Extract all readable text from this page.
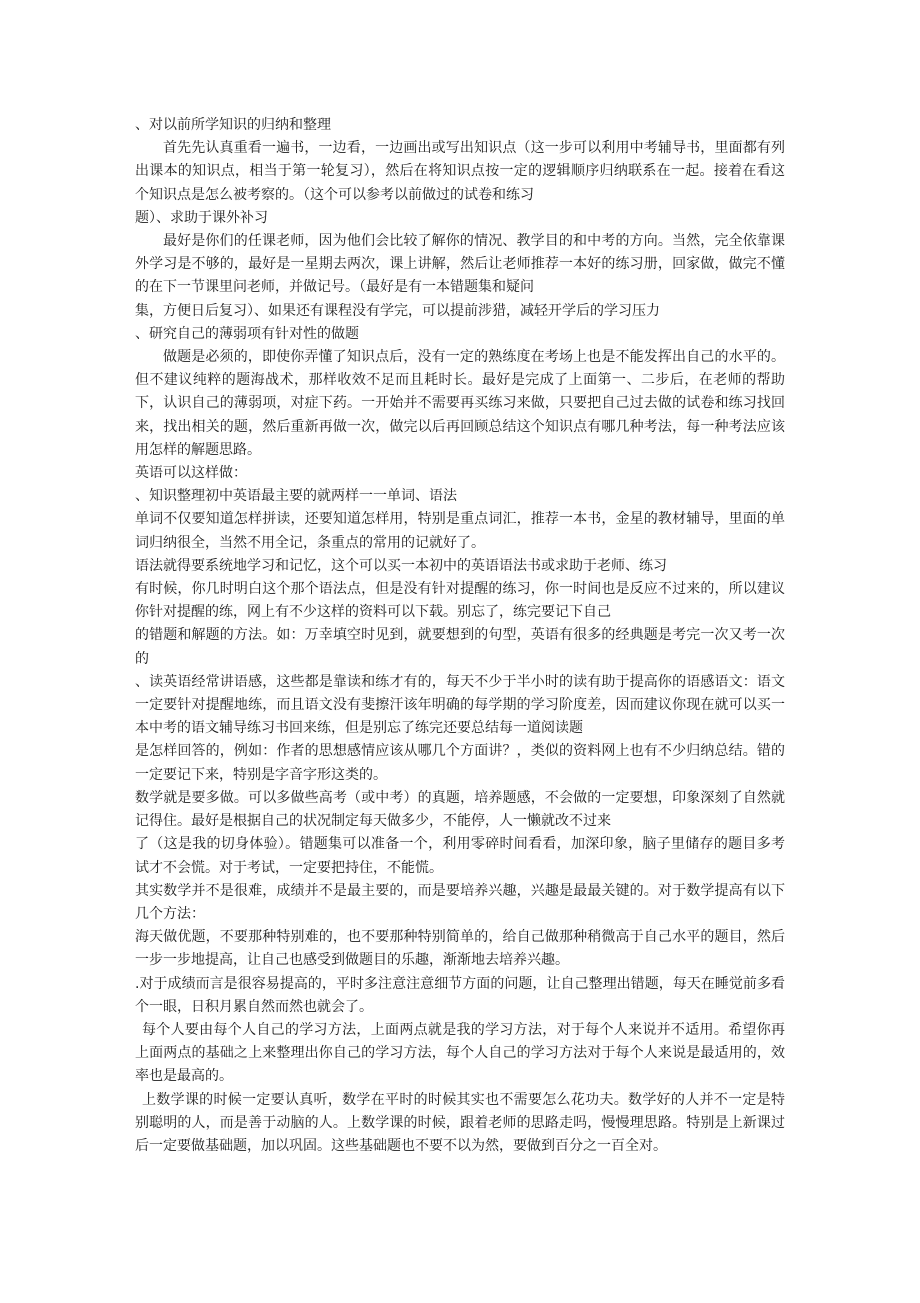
、对以前所学知识的归纳和整理

首先先认真重看一遍书，一边看，一边画出或写出知识点（这一步可以利用中考辅导书，里面都有列出课本的知识点，相当于第一轮复习），然后在将知识点按一定的逻辑顺序归纳联系在一起。接着在看这个知识点是怎么被考察的。（这个可以参考以前做过的试卷和练习

题）、求助于课外补习

最好是你们的任课老师，因为他们会比较了解你的情况、教学目的和中考的方向。当然，完全依靠课外学习是不够的，最好是一星期去两次，课上讲解，然后让老师推荐一本好的练习册，回家做，做完不懂的在下一节课里问老师，并做记号。（最好是有一本错题集和疑问

集，方便日后复习）、如果还有课程没有学完，可以提前涉猎，减轻开学后的学习压力

、研究自己的薄弱项有针对性的做题

做题是必须的，即使你弄懂了知识点后，没有一定的熟练度在考场上也是不能发挥出自己的水平的。但不建议纯粹的题海战术，那样收效不足而且耗时长。最好是完成了上面第一、二步后，在老师的帮助下，认识自己的薄弱项，对症下药。一开始并不需要再买练习来做，只要把自己过去做的试卷和练习找回来，找出相关的题，然后重新再做一次，做完以后再回顾总结这个知识点有哪几种考法，每一种考法应该用怎样的解题思路。

英语可以这样做：

、知识整理初中英语最主要的就两样一一单词、语法

单词不仅要知道怎样拼读，还要知道怎样用，特别是重点词汇，推荐一本书，金星的教材辅导，里面的单词归纳很全，当然不用全记，条重点的常用的记就好了。

语法就得要系统地学习和记忆，这个可以买一本初中的英语语法书或求助于老师、练习

有时候，你几时明白这个那个语法点，但是没有针对提醒的练习，你一时间也是反应不过来的，所以建议你针对提醒的练，网上有不少这样的资料可以下载。别忘了，练完要记下自己

的错题和解题的方法。如：万幸填空时见到，就要想到的句型，英语有很多的经典题是考完一次又考一次的

、读英语经常讲语感，这些都是靠读和练才有的，每天不少于半小时的读有助于提高你的语感语文：语文一定要针对提醒地练，而且语文没有斐擦汗该年明确的每学期的学习阶度差，因而建议你现在就可以买一本中考的语文辅导练习书回来练，但是别忘了练完还要总结每一道阅读题

是怎样回答的，例如：作者的思想感情应该从哪几个方面讲？，类似的资料网上也有不少归纳总结。错的一定要记下来，特别是字音字形这类的。

数学就是要多做。可以多做些高考（或中考）的真题，培养题感，不会做的一定要想，印象深刻了自然就记得住。最好是根据自己的状况制定每天做多少，不能停，人一懒就改不过来

了（这是我的切身体验）。错题集可以准备一个，利用零碎时间看看，加深印象，脑子里储存的题目多考试才不会慌。对于考试，一定要把持住，不能慌。

其实数学并不是很难，成绩并不是最主要的，而是要培养兴趣，兴趣是最最关键的。对于数学提高有以下几个方法：

海天做优题，不要那种特别难的，也不要那种特别简单的，给自己做那种稍微高于自己水平的题目，然后一步一步地提高，让自己也感受到做题目的乐趣，渐渐地去培养兴趣。

.对于成绩而言是很容易提高的，平时多注意注意细节方面的问题，让自己整理出错题，每天在睡觉前多看个一眼，日积月累自然而然也就会了。

每个人要由每个人自己的学习方法，上面两点就是我的学习方法，对于每个人来说并不适用。希望你再上面两点的基础之上来整理出你自己的学习方法，每个人自己的学习方法对于每个人来说是最适用的，效率也是最高的。

上数学课的时候一定要认真听，数学在平时的时候其实也不需要怎么花功夫。数学好的人并不一定是特别聪明的人，而是善于动脑的人。上数学课的时候，跟着老师的思路走吗，慢慢理思路。特别是上新课过后一定要做基础题，加以巩固。这些基础题也不要不以为然，要做到百分之一百全对。
